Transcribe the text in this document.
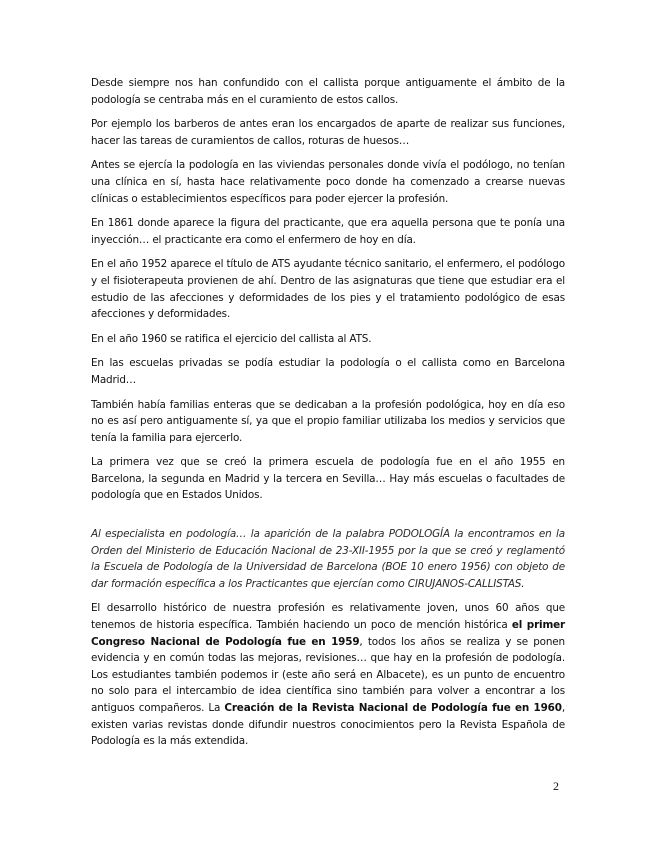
Desde siempre nos han confundido con el callista porque antiguamente el ámbito de la podología se centraba más en el curamiento de estos callos.

Por ejemplo los barberos de antes eran los encargados de aparte de realizar sus funciones, hacer las tareas de curamientos de callos, roturas de huesos…

Antes se ejercía la podología en las viviendas personales donde vivía el podólogo, no tenían una clínica en sí, hasta hace relativamente poco donde ha comenzado a crearse nuevas clínicas o establecimientos específicos para poder ejercer la profesión.

En 1861 donde aparece la figura del practicante, que era aquella persona que te ponía una inyección… el practicante era como el enfermero de hoy en día.

En el año 1952 aparece el título de ATS ayudante técnico sanitario, el enfermero, el podólogo y el fisioterapeuta provienen de ahí. Dentro de las asignaturas que tiene que estudiar era el estudio de las afecciones y deformidades de los pies y el tratamiento podológico de esas afecciones y deformidades.

En el año 1960 se ratifica el ejercicio del callista al ATS.

En las escuelas privadas se podía estudiar la podología o el callista como en Barcelona Madrid…

También había familias enteras que se dedicaban a la profesión podológica, hoy en día eso no es así pero antiguamente sí, ya que el propio familiar utilizaba los medios y servicios que tenía la familia para ejercerlo.

La primera vez que se creó la primera escuela de podología fue en el año 1955 en Barcelona, la segunda en Madrid y la tercera en Sevilla… Hay más escuelas o facultades de podología que en Estados Unidos.

Al especialista en podología… la aparición de la palabra PODOLOGÍA la encontramos en la Orden del Ministerio de Educación Nacional de 23-XII-1955 por la que se creó y reglamentó la Escuela de Podología de la Universidad de Barcelona (BOE 10 enero 1956) con objeto de dar formación específica a los Practicantes que ejercían como CIRUJANOS-CALLISTAS.

El desarrollo histórico de nuestra profesión es relativamente joven, unos 60 años que tenemos de historia específica. También haciendo un poco de mención histórica el primer Congreso Nacional de Podología fue en 1959, todos los años se realiza y se ponen evidencia y en común todas las mejoras, revisiones… que hay en la profesión de podología. Los estudiantes también podemos ir (este año será en Albacete), es un punto de encuentro no solo para el intercambio de idea científica sino también para volver a encontrar a los antiguos compañeros. La Creación de la Revista Nacional de Podología fue en 1960, existen varias revistas donde difundir nuestros conocimientos pero la Revista Española de Podología es la más extendida.

2
